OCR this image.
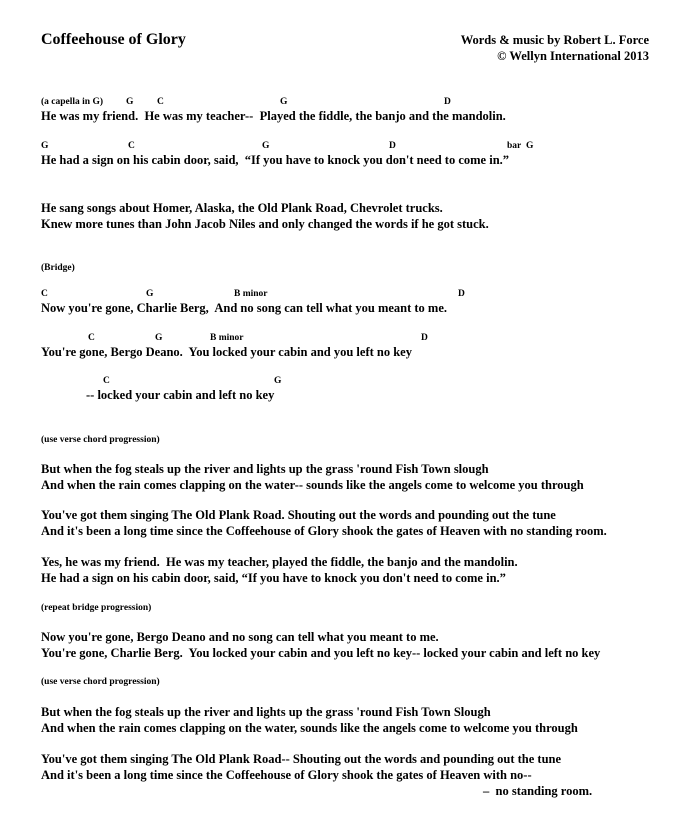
Coffeehouse of Glory	Words & music by Robert L. Force
© Wellyn International 2013
(a capella in G) G C	G	D
He was my friend.  He was my teacher--  Played the fiddle, the banjo and the mandolin.
G	C	G	D	bar G
He had a sign on his cabin door, said,  “If you have to knock you don't need to come in.”
He sang songs about Homer, Alaska, the Old Plank Road, Chevrolet trucks.
Knew more tunes than John Jacob Niles and only changed the words if he got stuck.
(Bridge)
C	G	B minor	D
Now you're gone, Charlie Berg,  And no song can tell what you meant to me.
C	G	B minor	D
You're gone, Bergo Deano.  You locked your cabin and you left no key
C	G
-- locked your cabin and left no key
(use verse chord progression)
But when the fog steals up the river and lights up the grass 'round Fish Town slough
And when the rain comes clapping on the water-- sounds like the angels come to welcome you through
You've got them singing The Old Plank Road. Shouting out the words and pounding out the tune
And it's been a long time since the Coffeehouse of Glory shook the gates of Heaven with no standing room.
Yes, he was my friend.  He was my teacher, played the fiddle, the banjo and the mandolin.
He had a sign on his cabin door, said, “If you have to knock you don't need to come in.”
(repeat bridge progression)
Now you're gone, Bergo Deano and no song can tell what you meant to me.
You're gone, Charlie Berg.  You locked your cabin and you left no key-- locked your cabin and left no key
(use verse chord progression)
But when the fog steals up the river and lights up the grass 'round Fish Town Slough
And when the rain comes clapping on the water, sounds like the angels come to welcome you through
You've got them singing The Old Plank Road-- Shouting out the words and pounding out the tune
And it's been a long time since the Coffeehouse of Glory shook the gates of Heaven with no--
–  no standing room.
